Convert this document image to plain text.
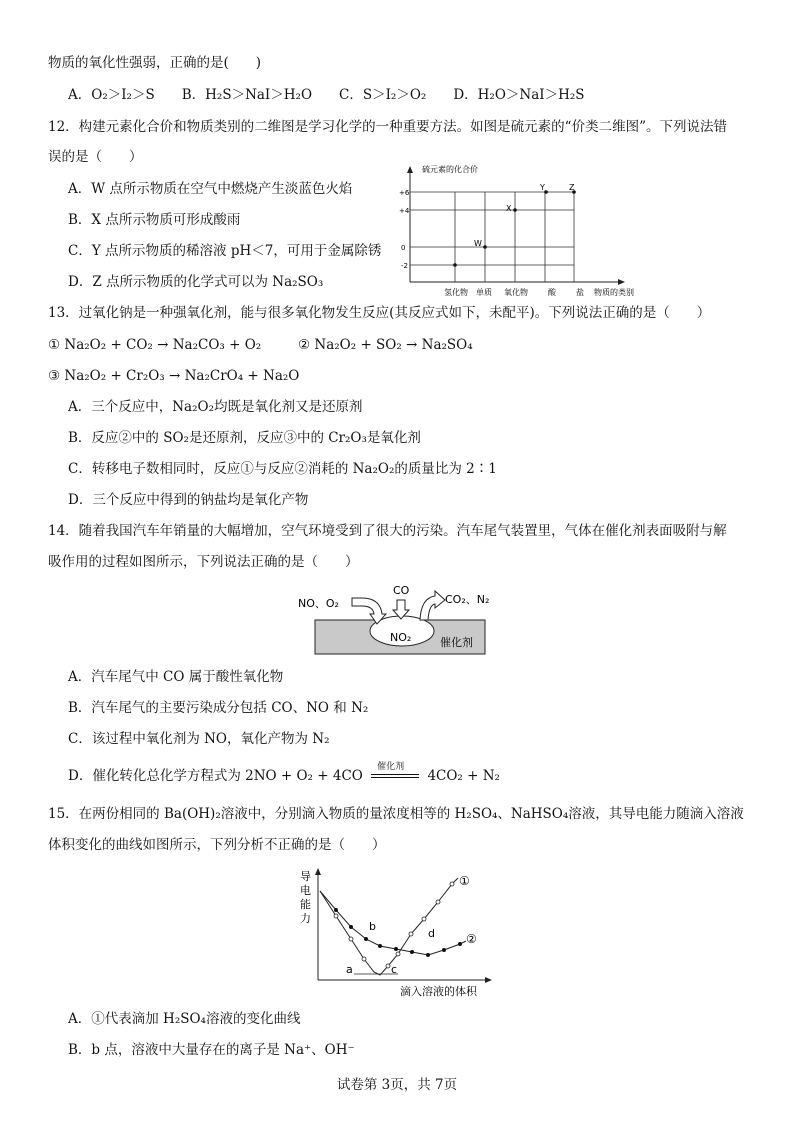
物质的氧化性强弱，正确的是(　　)
A．O₂＞I₂＞S　　B．H₂S＞NaI＞H₂O　　C．S＞I₂＞O₂　　D．H₂O＞NaI＞H₂S
12．构建元素化合价和物质类别的二维图是学习化学的一种重要方法。如图是硫元素的“价类二维图”。下列说法错
误的是（　　）
A．W 点所示物质在空气中燃烧产生淡蓝色火焰
B．X 点所示物质可形成酸雨
C．Y 点所示物质的稀溶液 pH＜7，可用于金属除锈
D．Z 点所示物质的化学式可以为 Na₂SO₃
硫元素的化合价
+6
+4
0
-2
氢化物 单质 氧化物	酸	盐 物质的类别
W
X
Y	Z
13．过氧化钠是一种强氧化剂，能与很多氧化物发生反应(其反应式如下，未配平)。下列说法正确的是（　　）
① Na₂O₂ + CO₂ → Na₂CO₃ + O₂	② Na₂O₂ + SO₂ → Na₂SO₄
③ Na₂O₂ + Cr₂O₃ → Na₂CrO₄ + Na₂O
A．三个反应中，Na₂O₂均既是氧化剂又是还原剂
B．反应②中的 SO₂是还原剂，反应③中的 Cr₂O₃是氧化剂
C．转移电子数相同时，反应①与反应②消耗的 Na₂O₂的质量比为 2∶1
D．三个反应中得到的钠盐均是氧化产物
14．随着我国汽车年销量的大幅增加，空气环境受到了很大的污染。汽车尾气装置里，气体在催化剂表面吸附与解
吸作用的过程如图所示，下列说法正确的是（　　）
NO₂	催化剂
NO、O₂
CO
CO₂、N₂
A．汽车尾气中 CO 属于酸性氧化物
B．汽车尾气的主要污染成分包括 CO、NO 和 N₂
C．该过程中氧化剂为 NO，氧化产物为 N₂
D．催化转化总化学方程式为 2NO + O₂ + 4CO
催化剂
4CO₂ + N₂
15．在两份相同的 Ba(OH)₂溶液中，分别滴入物质的量浓度相等的 H₂SO₄、NaHSO₄溶液，其导电能力随滴入溶液
体积变化的曲线如图所示，下列分析不正确的是（　　）
导
电
能
力
a
b
c
d
①
②
滴入溶液的体积
A．①代表滴加 H₂SO₄溶液的变化曲线
B．b 点，溶液中大量存在的离子是 Na⁺、OH⁻
试卷第 3页，共 7页
